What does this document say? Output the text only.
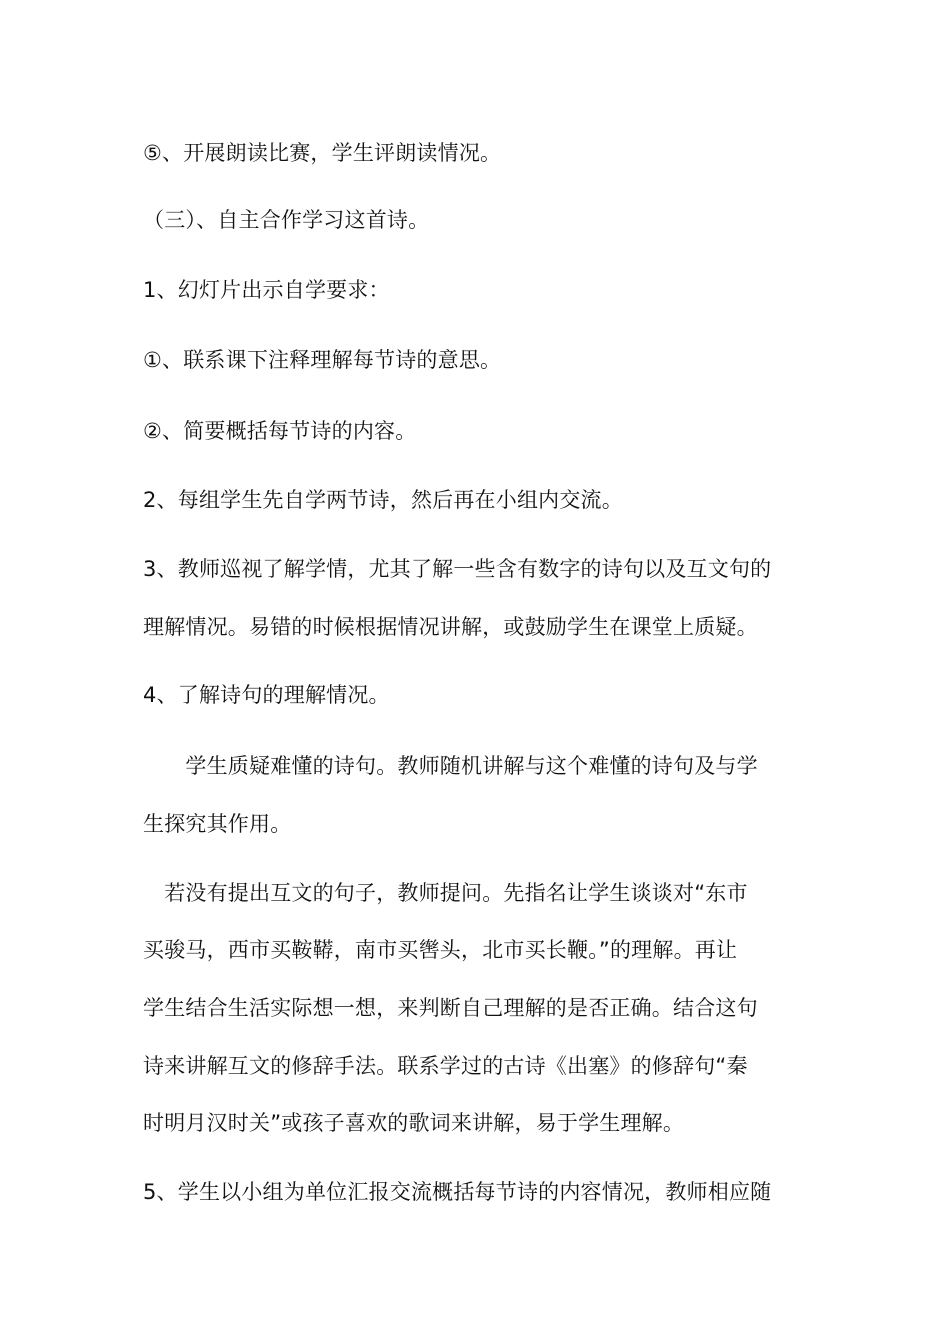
⑤、开展朗读比赛，学生评朗读情况。
（三）、自主合作学习这首诗。
1、幻灯片出示自学要求：
①、联系课下注释理解每节诗的意思。
②、简要概括每节诗的内容。
2、每组学生先自学两节诗，然后再在小组内交流。
3、教师巡视了解学情，尤其了解一些含有数字的诗句以及互文句的
理解情况。易错的时候根据情况讲解，或鼓励学生在课堂上质疑。
4、了解诗句的理解情况。
　　学生质疑难懂的诗句。教师随机讲解与这个难懂的诗句及与学
生探究其作用。
　若没有提出互文的句子，教师提问。先指名让学生谈谈对“东市
买骏马，西市买鞍鞯，南市买辔头，北市买长鞭。”的理解。再让
学生结合生活实际想一想，来判断自己理解的是否正确。结合这句
诗来讲解互文的修辞手法。联系学过的古诗《出塞》的修辞句“秦
时明月汉时关”或孩子喜欢的歌词来讲解，易于学生理解。
5、学生以小组为单位汇报交流概括每节诗的内容情况，教师相应随
